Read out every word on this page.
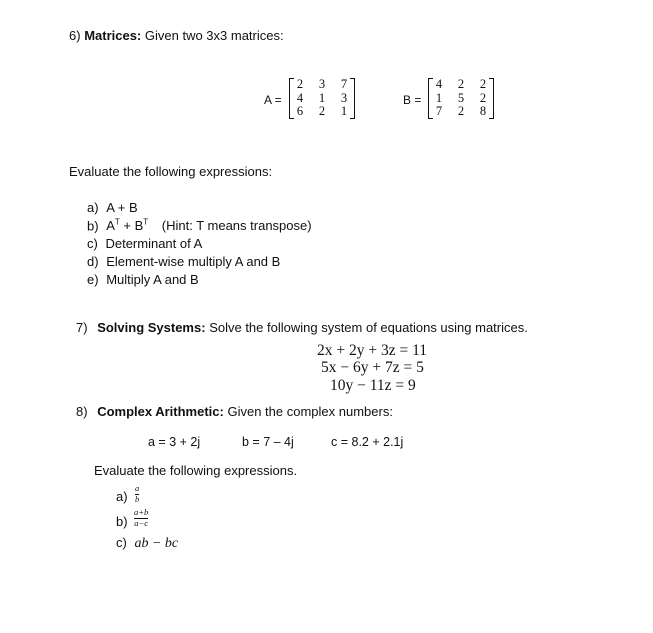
6) Matrices: Given two 3x3 matrices:
A =
2	3	7
4	1	3
6	2	1
B =
4	2	2
1	5	2
7	2	8
Evaluate the following expressions:
a) A + B
b) $A^T + B^T$ (Hint: T means transpose)
c) Determinant of A
d) Element-wise multiply A and B
e) Multiply A and B
7) Solving Systems: Solve the following system of equations using matrices.
2x + 2y + 3z = 11
5x − 6y + 7z = 5
10y − 11z = 9
8) Complex Arithmetic: Given the complex numbers:
a = 3 + 2j	b = 7 – 4j	c = 8.2 + 2.1j
Evaluate the following expressions.
a)
a
b
b)
a+b
a−c
c) ab − bc
